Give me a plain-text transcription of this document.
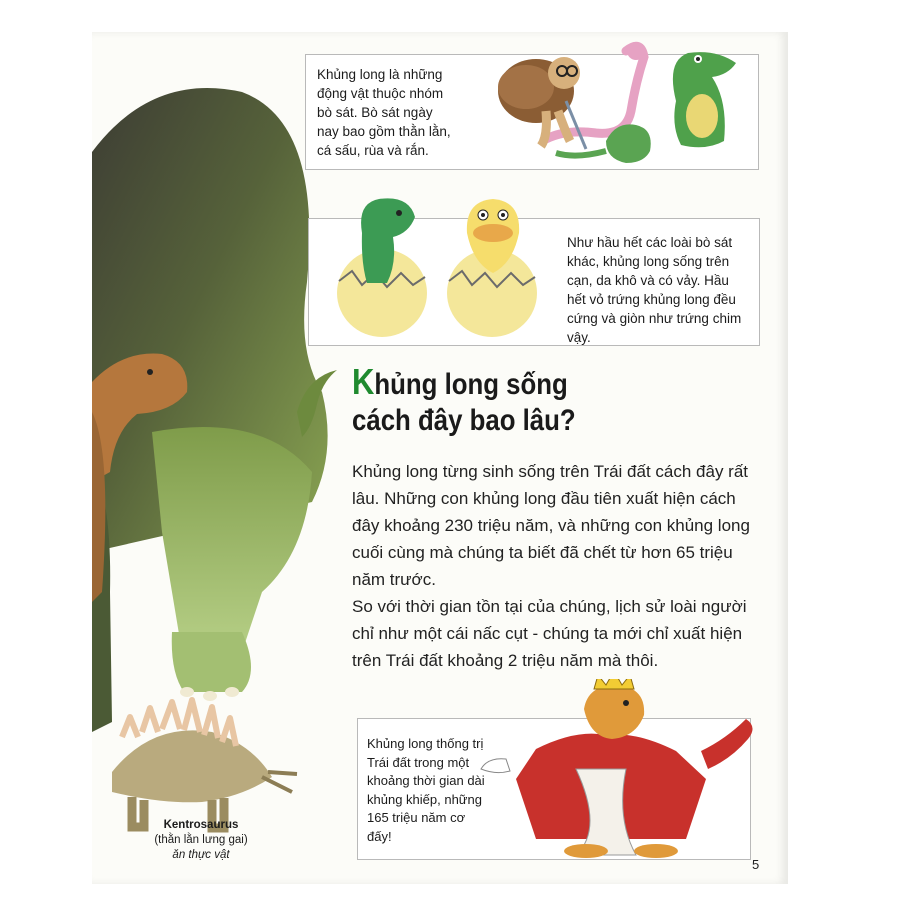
Khủng long là những động vật thuộc nhóm bò sát. Bò sát ngày nay bao gồm thằn lằn, cá sấu, rùa và rắn.
Như hầu hết các loài bò sát khác, khủng long sống trên cạn, da khô và có vảy. Hầu hết vỏ trứng khủng long đều cứng và giòn như trứng chim vậy.
Khủng long sống
cách đây bao lâu?

Khủng long từng sinh sống trên Trái đất cách đây rất lâu. Những con khủng long đầu tiên xuất hiện cách đây khoảng 230 triệu năm, và những con khủng long cuối cùng mà chúng ta biết đã chết từ hơn 65 triệu năm trước.

So với thời gian tồn tại của chúng, lịch sử loài người chỉ như một cái nấc cụt - chúng ta mới chỉ xuất hiện trên Trái đất khoảng 2 triệu năm mà thôi.

Khủng long thống trị Trái đất trong một khoảng thời gian dài khủng khiếp, những 165 triệu năm cơ đấy!
Kentrosaurus
(thằn lằn lưng gai)
ăn thực vật
5
